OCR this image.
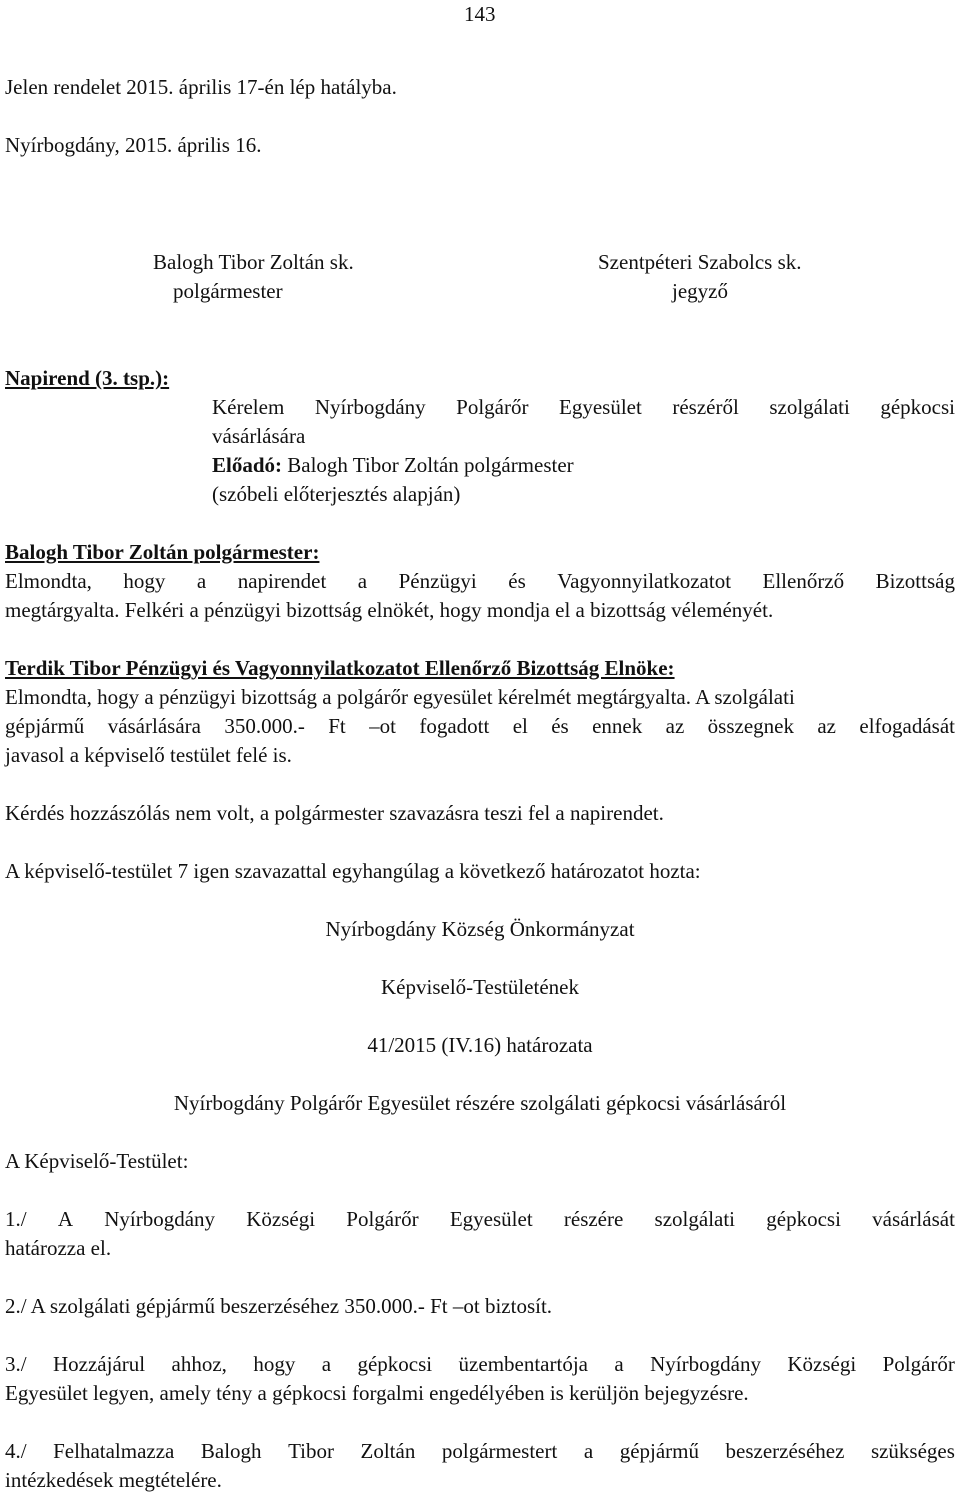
143
Jelen rendelet 2015. április 17-én lép hatályba.
Nyírbogdány, 2015. április 16.
Balogh Tibor Zoltán sk.
polgármester
Szentpéteri Szabolcs sk.
jegyző
Napirend (3. tsp.):
Kérelem Nyírbogdány Polgárőr Egyesület részéről szolgálati gépkocsi
vásárlására
Előadó: Balogh Tibor Zoltán polgármester
(szóbeli előterjesztés alapján)
Balogh Tibor Zoltán polgármester:
Elmondta, hogy a napirendet a Pénzügyi és Vagyonnyilatkozatot Ellenőrző Bizottság
megtárgyalta. Felkéri a pénzügyi bizottság elnökét, hogy mondja el a bizottság véleményét.
Terdik Tibor Pénzügyi és Vagyonnyilatkozatot Ellenőrző Bizottság Elnöke:
Elmondta, hogy a pénzügyi bizottság a polgárőr egyesület kérelmét megtárgyalta. A szolgálati
gépjármű vásárlására 350.000.- Ft –ot fogadott el és ennek az összegnek az elfogadását
javasol a képviselő testület felé is.
Kérdés hozzászólás nem volt, a polgármester szavazásra teszi fel a napirendet.
A képviselő-testület 7 igen szavazattal egyhangúlag a következő határozatot hozta:
Nyírbogdány Község Önkormányzat
Képviselő-Testületének
41/2015 (IV.16) határozata
Nyírbogdány Polgárőr Egyesület részére szolgálati gépkocsi vásárlásáról
A Képviselő-Testület:
1./ A Nyírbogdány Községi Polgárőr Egyesület részére szolgálati gépkocsi vásárlását
határozza el.
2./ A szolgálati gépjármű beszerzéséhez 350.000.- Ft –ot biztosít.
3./ Hozzájárul ahhoz, hogy a gépkocsi üzembentartója a Nyírbogdány Községi Polgárőr
Egyesület legyen, amely tény a gépkocsi forgalmi engedélyében is kerüljön bejegyzésre.
4./ Felhatalmazza Balogh Tibor Zoltán polgármestert a gépjármű beszerzéséhez szükséges
intézkedések megtételére.
